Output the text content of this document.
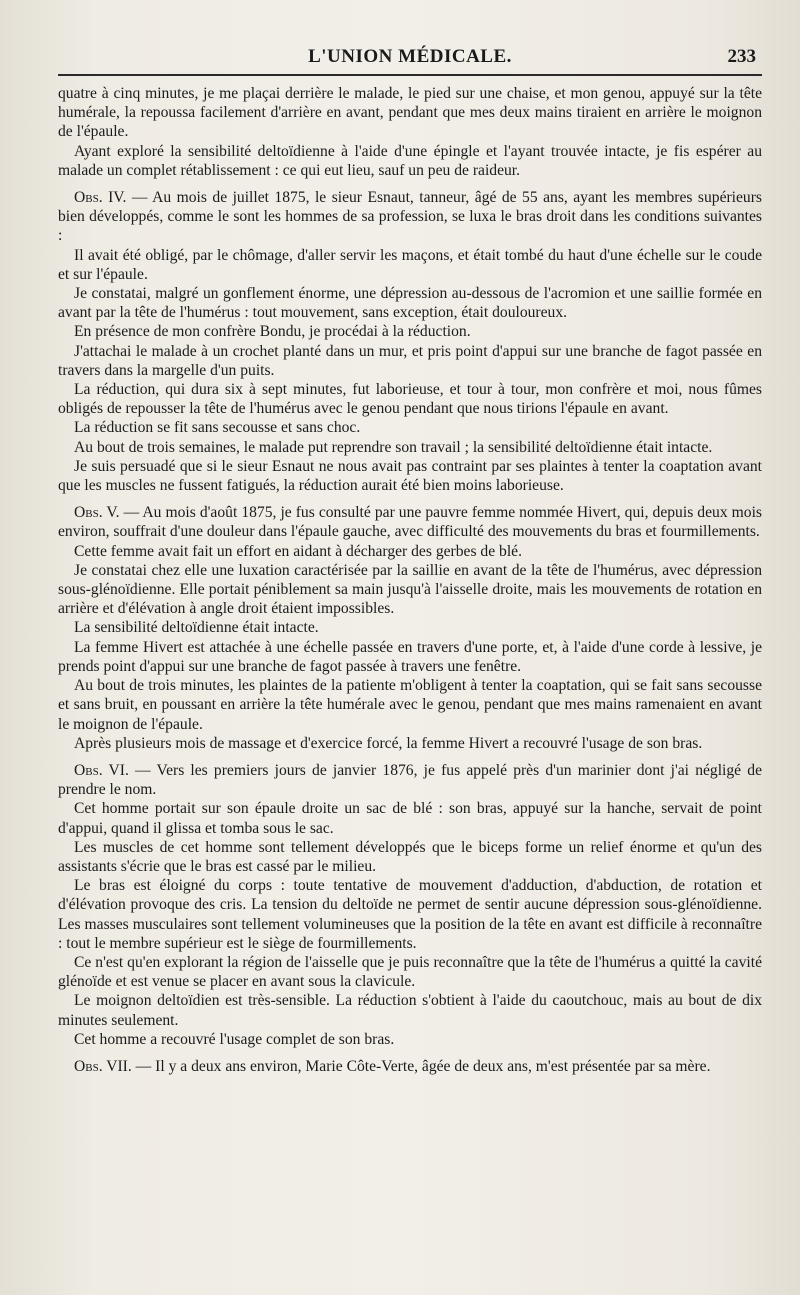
L'UNION MÉDICALE.	233

quatre à cinq minutes, je me plaçai derrière le malade, le pied sur une chaise, et mon genou, appuyé sur la tête humérale, la repoussa facilement d'arrière en avant, pendant que mes deux mains tiraient en arrière le moignon de l'épaule.

Ayant exploré la sensibilité deltoïdienne à l'aide d'une épingle et l'ayant trouvée intacte, je fis espérer au malade un complet rétablissement : ce qui eut lieu, sauf un peu de raideur.

Obs. IV. — Au mois de juillet 1875, le sieur Esnaut, tanneur, âgé de 55 ans, ayant les membres supérieurs bien développés, comme le sont les hommes de sa profession, se luxa le bras droit dans les conditions suivantes :

Il avait été obligé, par le chômage, d'aller servir les maçons, et était tombé du haut d'une échelle sur le coude et sur l'épaule.

Je constatai, malgré un gonflement énorme, une dépression au-dessous de l'acromion et une saillie formée en avant par la tête de l'humérus : tout mouvement, sans exception, était douloureux.

En présence de mon confrère Bondu, je procédai à la réduction.

J'attachai le malade à un crochet planté dans un mur, et pris point d'appui sur une branche de fagot passée en travers dans la margelle d'un puits.

La réduction, qui dura six à sept minutes, fut laborieuse, et tour à tour, mon confrère et moi, nous fûmes obligés de repousser la tête de l'humérus avec le genou pendant que nous tirions l'épaule en avant.

La réduction se fit sans secousse et sans choc.

Au bout de trois semaines, le malade put reprendre son travail ; la sensibilité deltoïdienne était intacte.

Je suis persuadé que si le sieur Esnaut ne nous avait pas contraint par ses plaintes à tenter la coaptation avant que les muscles ne fussent fatigués, la réduction aurait été bien moins laborieuse.

Obs. V. — Au mois d'août 1875, je fus consulté par une pauvre femme nommée Hivert, qui, depuis deux mois environ, souffrait d'une douleur dans l'épaule gauche, avec difficulté des mouvements du bras et fourmillements.

Cette femme avait fait un effort en aidant à décharger des gerbes de blé.

Je constatai chez elle une luxation caractérisée par la saillie en avant de la tête de l'humérus, avec dépression sous-glénoïdienne. Elle portait péniblement sa main jusqu'à l'aisselle droite, mais les mouvements de rotation en arrière et d'élévation à angle droit étaient impossibles.

La sensibilité deltoïdienne était intacte.

La femme Hivert est attachée à une échelle passée en travers d'une porte, et, à l'aide d'une corde à lessive, je prends point d'appui sur une branche de fagot passée à travers une fenêtre.

Au bout de trois minutes, les plaintes de la patiente m'obligent à tenter la coaptation, qui se fait sans secousse et sans bruit, en poussant en arrière la tête humérale avec le genou, pendant que mes mains ramenaient en avant le moignon de l'épaule.

Après plusieurs mois de massage et d'exercice forcé, la femme Hivert a recouvré l'usage de son bras.

Obs. VI. — Vers les premiers jours de janvier 1876, je fus appelé près d'un marinier dont j'ai négligé de prendre le nom.

Cet homme portait sur son épaule droite un sac de blé : son bras, appuyé sur la hanche, servait de point d'appui, quand il glissa et tomba sous le sac.

Les muscles de cet homme sont tellement développés que le biceps forme un relief énorme et qu'un des assistants s'écrie que le bras est cassé par le milieu.

Le bras est éloigné du corps : toute tentative de mouvement d'adduction, d'abduction, de rotation et d'élévation provoque des cris. La tension du deltoïde ne permet de sentir aucune dépression sous-glénoïdienne. Les masses musculaires sont tellement volumineuses que la position de la tête en avant est difficile à reconnaître : tout le membre supérieur est le siège de fourmillements.

Ce n'est qu'en explorant la région de l'aisselle que je puis reconnaître que la tête de l'humérus a quitté la cavité glénoïde et est venue se placer en avant sous la clavicule.

Le moignon deltoïdien est très-sensible. La réduction s'obtient à l'aide du caoutchouc, mais au bout de dix minutes seulement.

Cet homme a recouvré l'usage complet de son bras.

Obs. VII. — Il y a deux ans environ, Marie Côte-Verte, âgée de deux ans, m'est présentée par sa mère.
